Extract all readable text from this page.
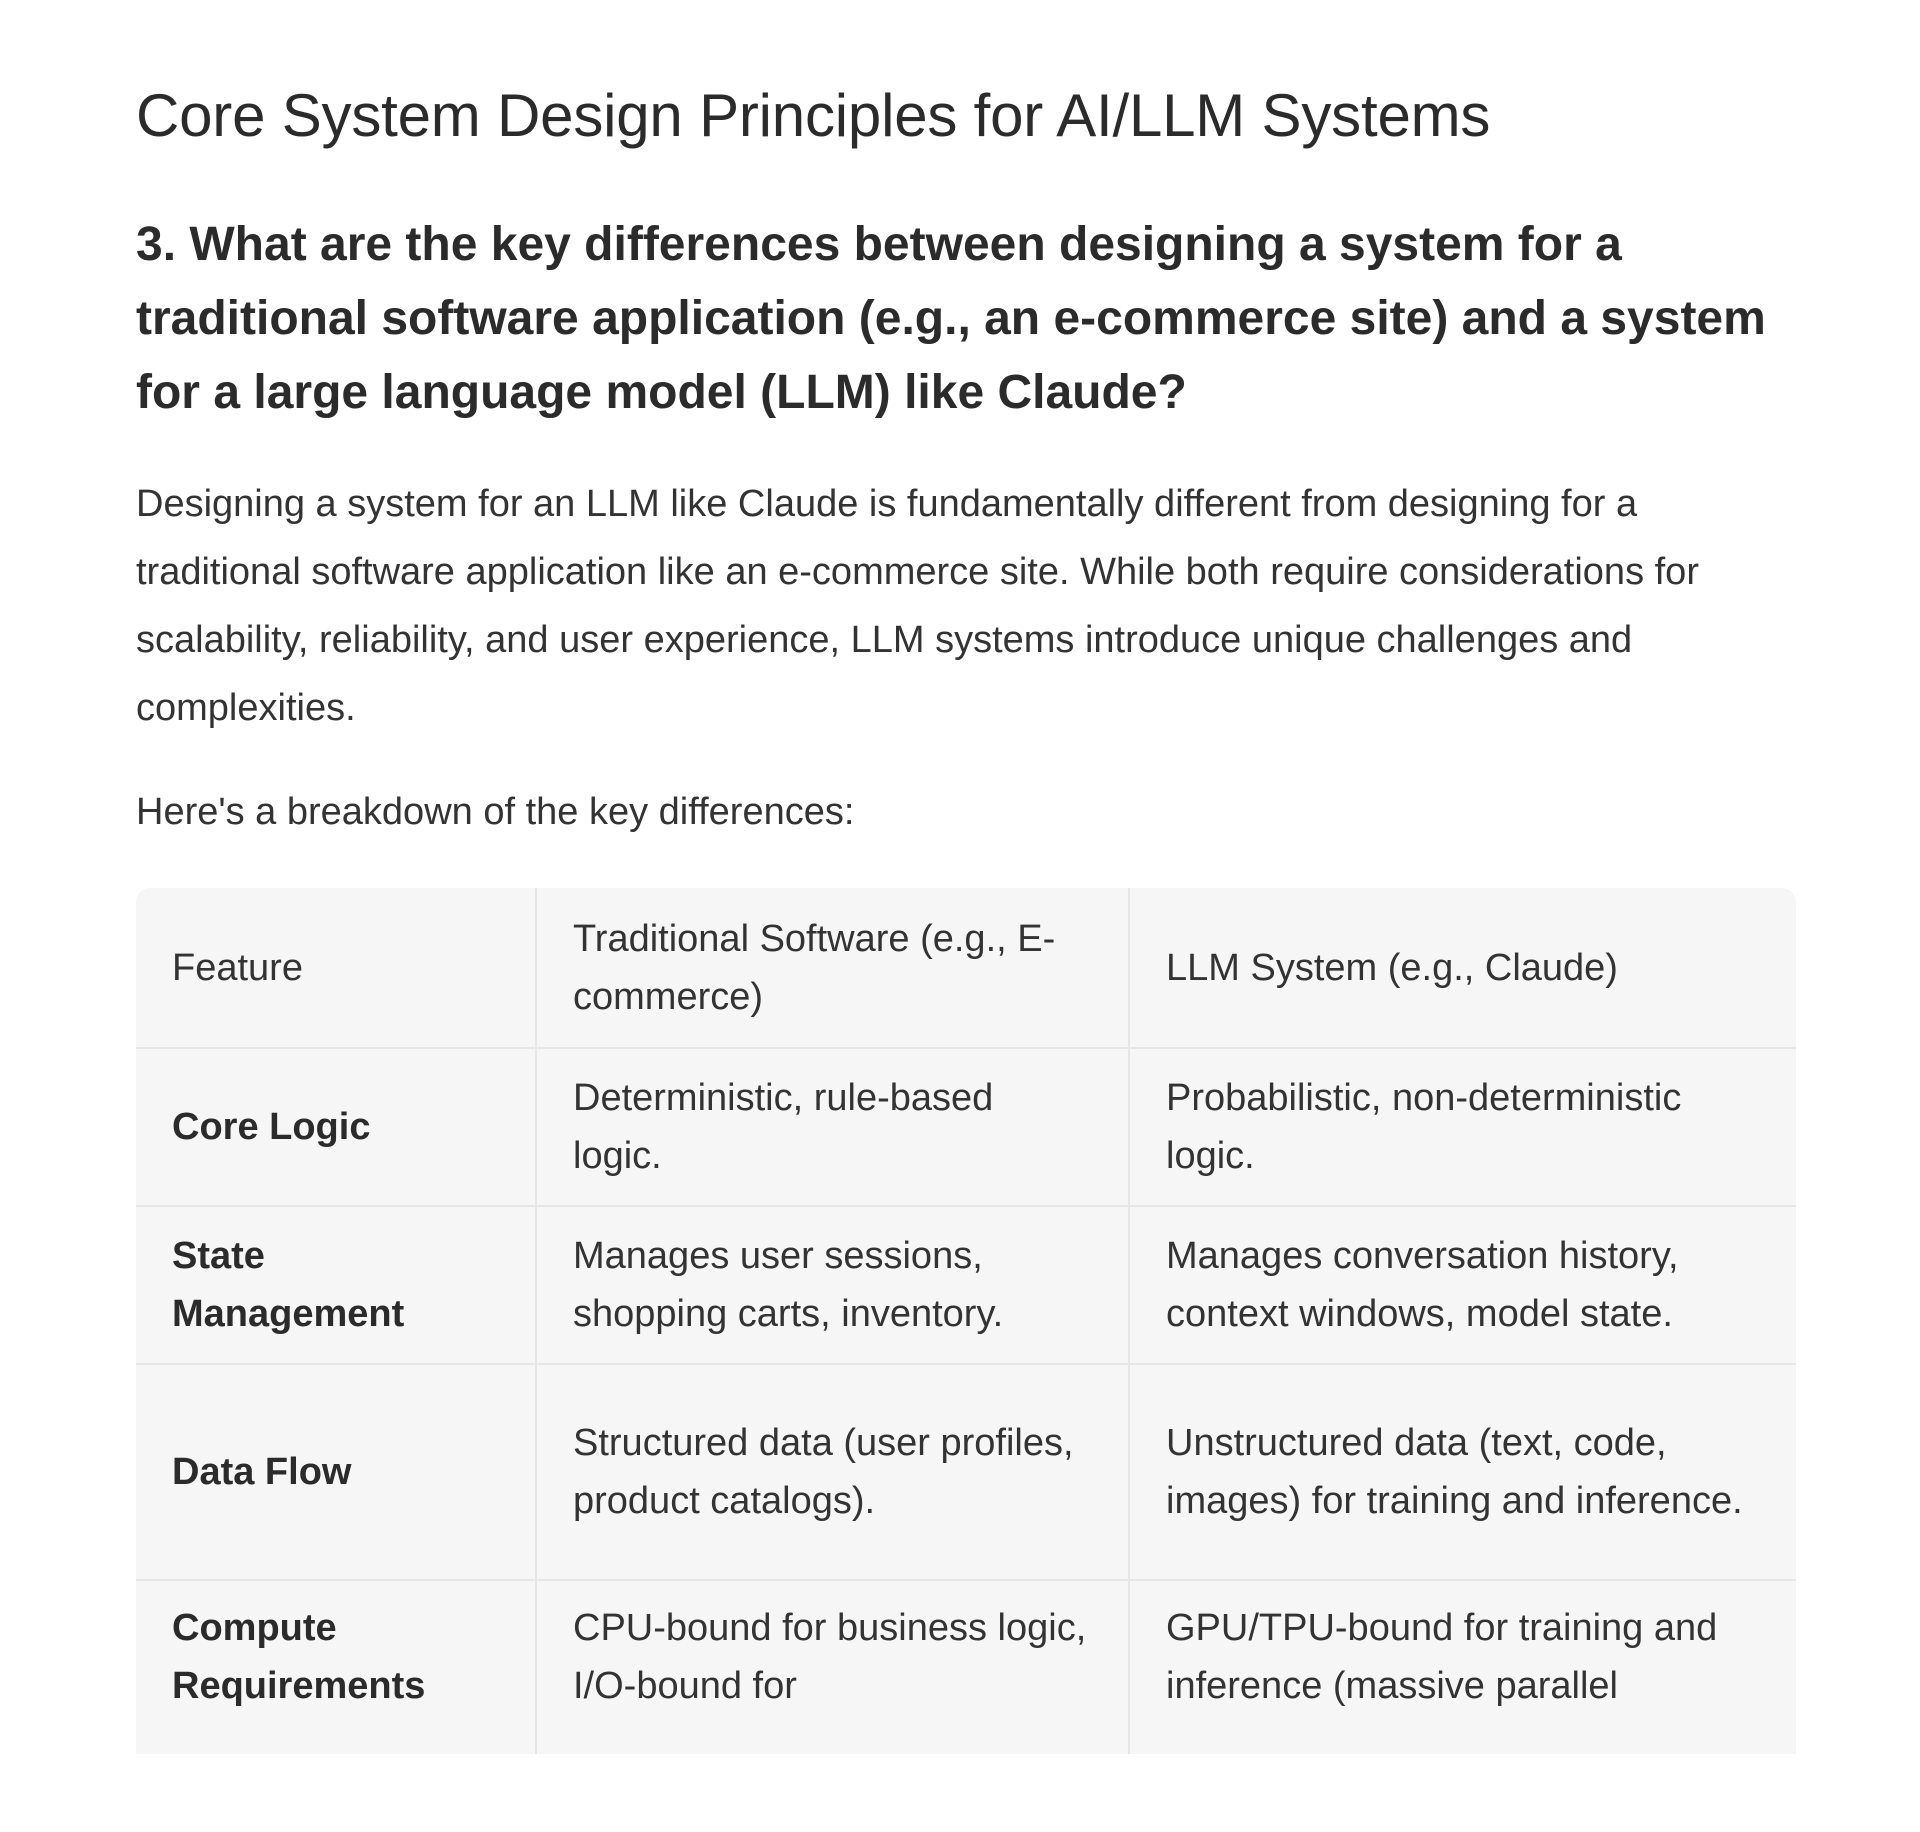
Core System Design Principles for AI/LLM Systems
3. What are the key differences between designing a system for a traditional software application (e.g., an e-commerce site) and a system for a large language model (LLM) like Claude?

Designing a system for an LLM like Claude is fundamentally different from designing for a traditional software application like an e-commerce site. While both require considerations for scalability, reliability, and user experience, LLM systems introduce unique challenges and complexities.

Here's a breakdown of the key differences:

Feature	Traditional Software (e.g., E-commerce)	LLM System (e.g., Claude)
Core Logic	Deterministic, rule-based logic.	Probabilistic, non-deterministic logic.
State Management	Manages user sessions, shopping carts, inventory.	Manages conversation history, context windows, model state.
Data Flow	Structured data (user profiles, product catalogs).	Unstructured data (text, code, images) for training and inference.
Compute Requirements	CPU-bound for business logic, I/O-bound for	GPU/TPU-bound for training and inference (massive parallel
